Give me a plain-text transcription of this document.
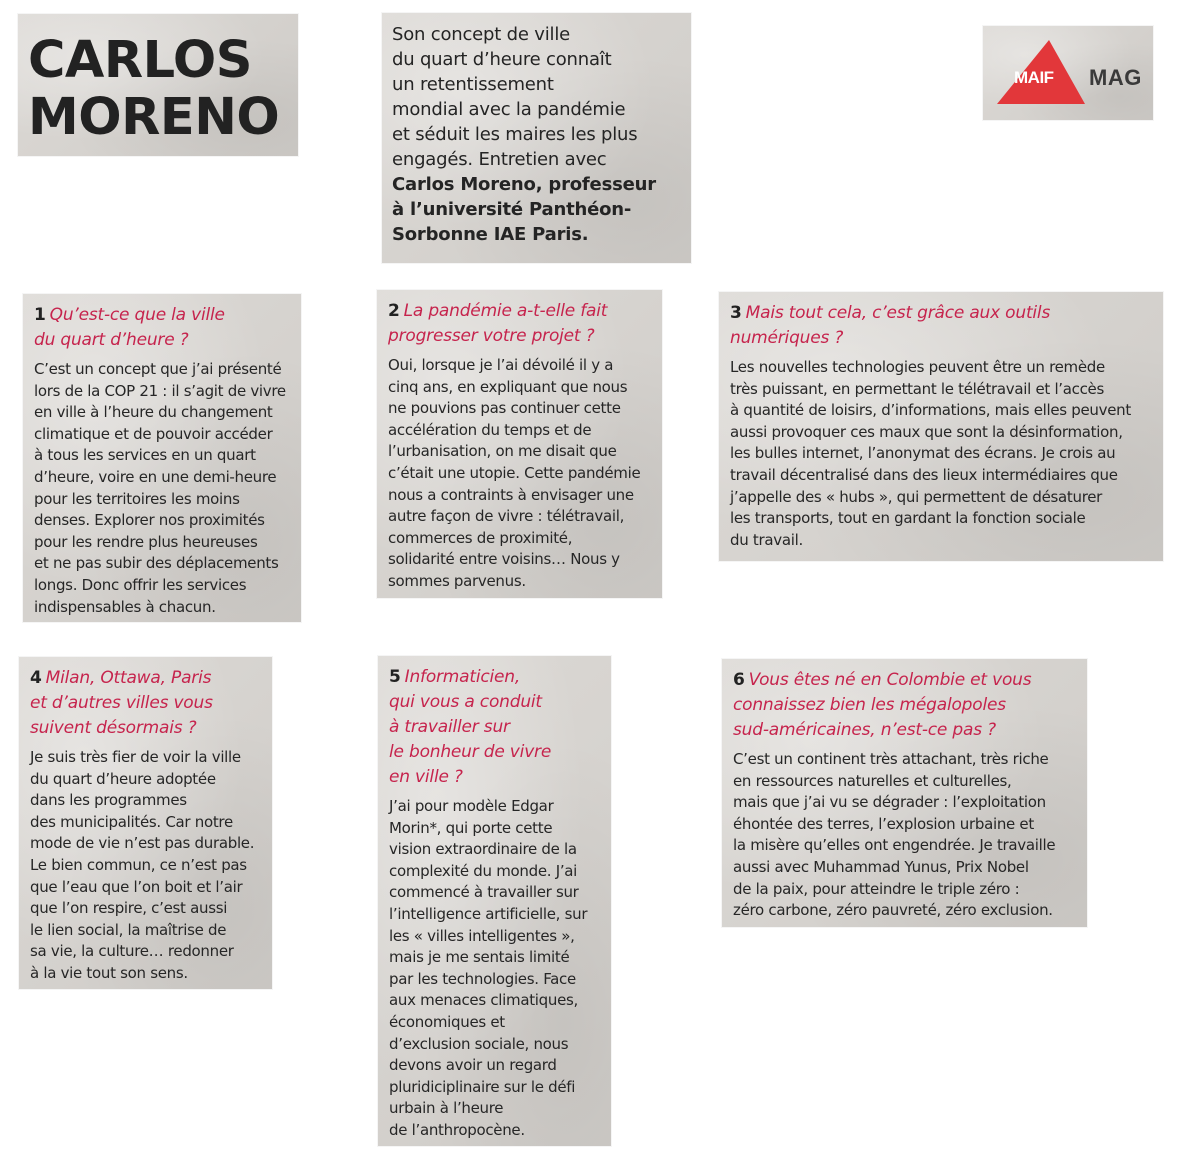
CARLOS
MORENO
Son concept de ville
du quart d’heure connaît
un retentissement
mondial avec la pandémie
et séduit les maires les plus
engagés. Entretien avec
Carlos Moreno, professeur
à l’université Panthéon-
Sorbonne IAE Paris.
MAIF MAG
1 Qu’est-ce que la ville
du quart d’heure ?
C’est un concept que j’ai présenté
lors de la COP 21 : il s’agit de vivre
en ville à l’heure du changement
climatique et de pouvoir accéder
à tous les services en un quart
d’heure, voire en une demi-heure
pour les territoires les moins
denses. Explorer nos proximités
pour les rendre plus heureuses
et ne pas subir des déplacements
longs. Donc offrir les services
indispensables à chacun.
2 La pandémie a-t-elle fait
progresser votre projet ?
Oui, lorsque je l’ai dévoilé il y a
cinq ans, en expliquant que nous
ne pouvions pas continuer cette
accélération du temps et de
l’urbanisation, on me disait que
c’était une utopie. Cette pandémie
nous a contraints à envisager une
autre façon de vivre : télétravail,
commerces de proximité,
solidarité entre voisins… Nous y
sommes parvenus.
3 Mais tout cela, c’est grâce aux outils
numériques ?
Les nouvelles technologies peuvent être un remède
très puissant, en permettant le télétravail et l’accès
à quantité de loisirs, d’informations, mais elles peuvent
aussi provoquer ces maux que sont la désinformation,
les bulles internet, l’anonymat des écrans. Je crois au
travail décentralisé dans des lieux intermédiaires que
j’appelle des « hubs », qui permettent de désaturer
les transports, tout en gardant la fonction sociale
du travail.
4 Milan, Ottawa, Paris
et d’autres villes vous
suivent désormais ?
Je suis très fier de voir la ville
du quart d’heure adoptée
dans les programmes
des municipalités. Car notre
mode de vie n’est pas durable.
Le bien commun, ce n’est pas
que l’eau que l’on boit et l’air
que l’on respire, c’est aussi
le lien social, la maîtrise de
sa vie, la culture… redonner
à la vie tout son sens.
5 Informaticien,
qui vous a conduit
à travailler sur
le bonheur de vivre
en ville ?
J’ai pour modèle Edgar
Morin*, qui porte cette
vision extraordinaire de la
complexité du monde. J’ai
commencé à travailler sur
l’intelligence artificielle, sur
les « villes intelligentes »,
mais je me sentais limité
par les technologies. Face
aux menaces climatiques,
économiques et
d’exclusion sociale, nous
devons avoir un regard
pluridiciplinaire sur le défi
urbain à l’heure
de l’anthropocène.
6 Vous êtes né en Colombie et vous
connaissez bien les mégalopoles
sud-américaines, n’est-ce pas ?
C’est un continent très attachant, très riche
en ressources naturelles et culturelles,
mais que j’ai vu se dégrader : l’exploitation
éhontée des terres, l’explosion urbaine et
la misère qu’elles ont engendrée. Je travaille
aussi avec Muhammad Yunus, Prix Nobel
de la paix, pour atteindre le triple zéro :
zéro carbone, zéro pauvreté, zéro exclusion.
